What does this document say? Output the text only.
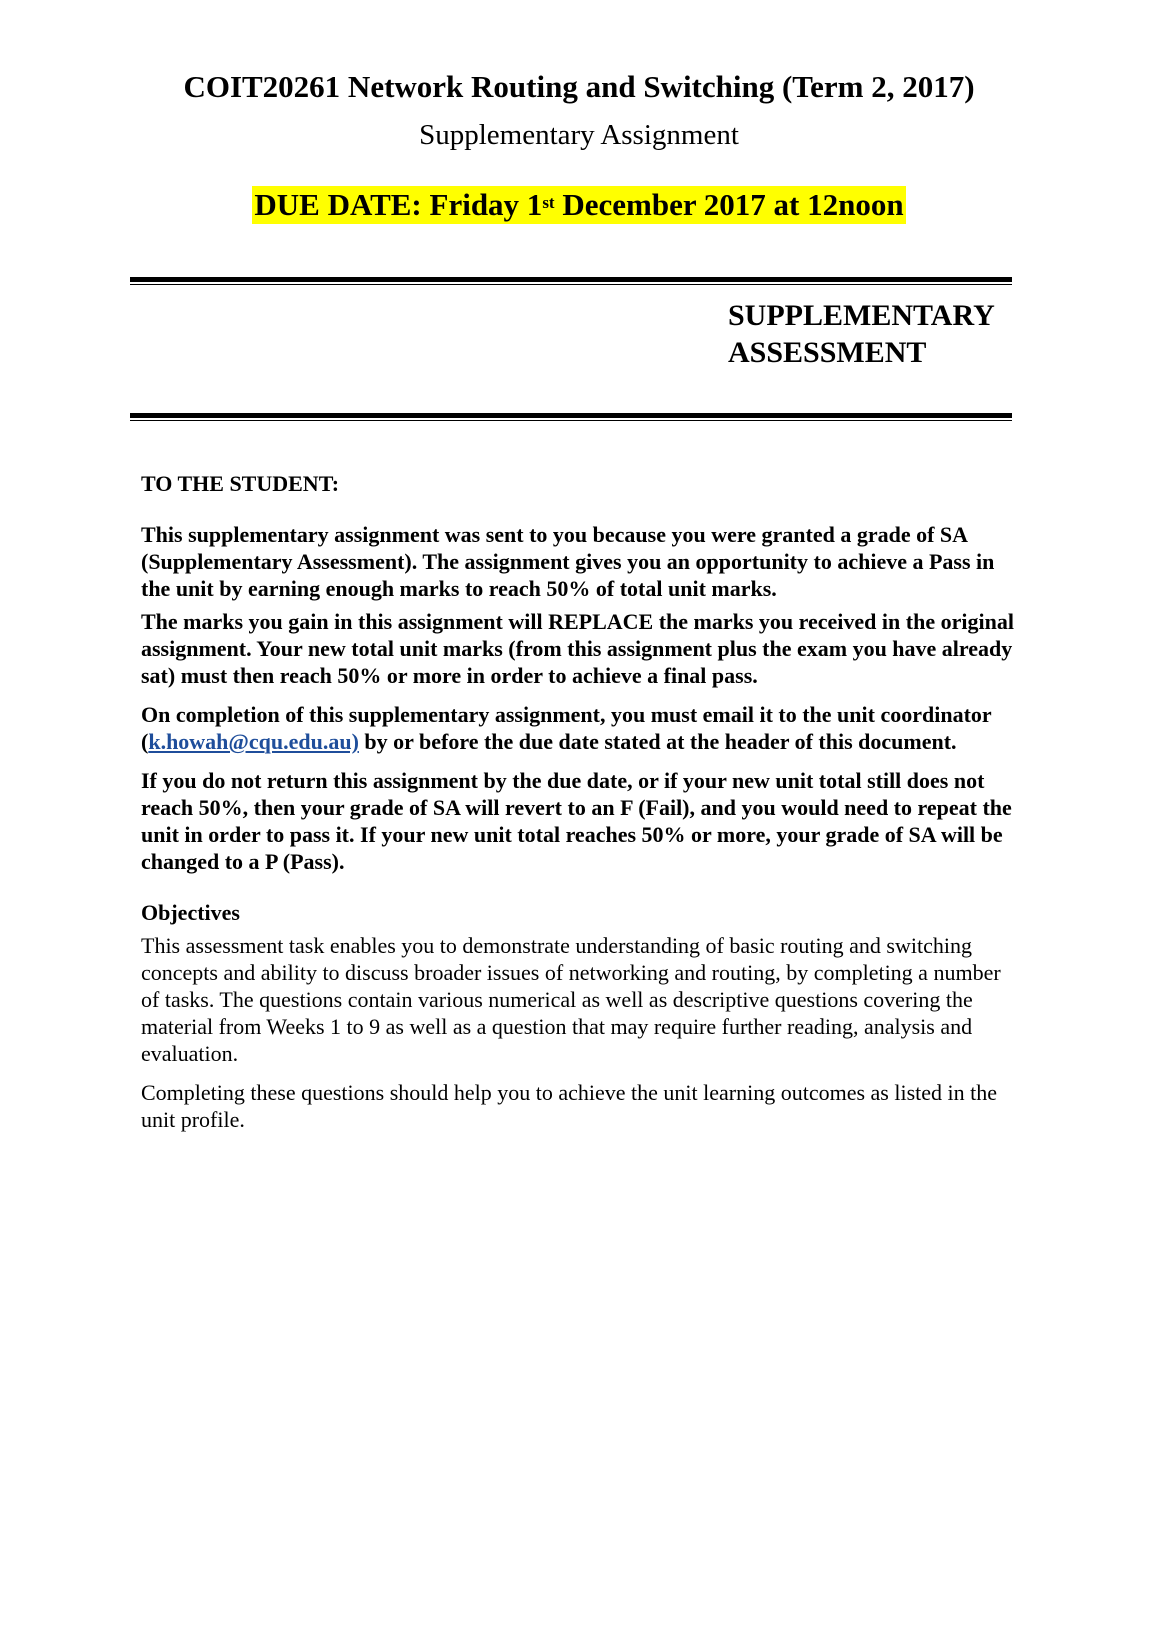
COIT20261 Network Routing and Switching (Term 2, 2017)

Supplementary Assignment

DUE DATE: Friday 1st December 2017 at 12noon
SUPPLEMENTARY ASSESSMENT

TO THE STUDENT:

This supplementary assignment was sent to you because you were granted a grade of SA (Supplementary Assessment). The assignment gives you an opportunity to achieve a Pass in the unit by earning enough marks to reach 50% of total unit marks.

The marks you gain in this assignment will REPLACE the marks you received in the original assignment. Your new total unit marks (from this assignment plus the exam you have already sat) must then reach 50% or more in order to achieve a final pass.

On completion of this supplementary assignment, you must email it to the unit coordinator (k.howah@cqu.edu.au) by or before the due date stated at the header of this document.

If you do not return this assignment by the due date, or if your new unit total still does not reach 50%, then your grade of SA will revert to an F (Fail), and you would need to repeat the unit in order to pass it. If your new unit total reaches 50% or more, your grade of SA will be changed to a P (Pass).

Objectives

This assessment task enables you to demonstrate understanding of basic routing and switching concepts and ability to discuss broader issues of networking and routing, by completing a number of tasks. The questions contain various numerical as well as descriptive questions covering the material from Weeks 1 to 9 as well as a question that may require further reading, analysis and evaluation.

Completing these questions should help you to achieve the unit learning outcomes as listed in the unit profile.
